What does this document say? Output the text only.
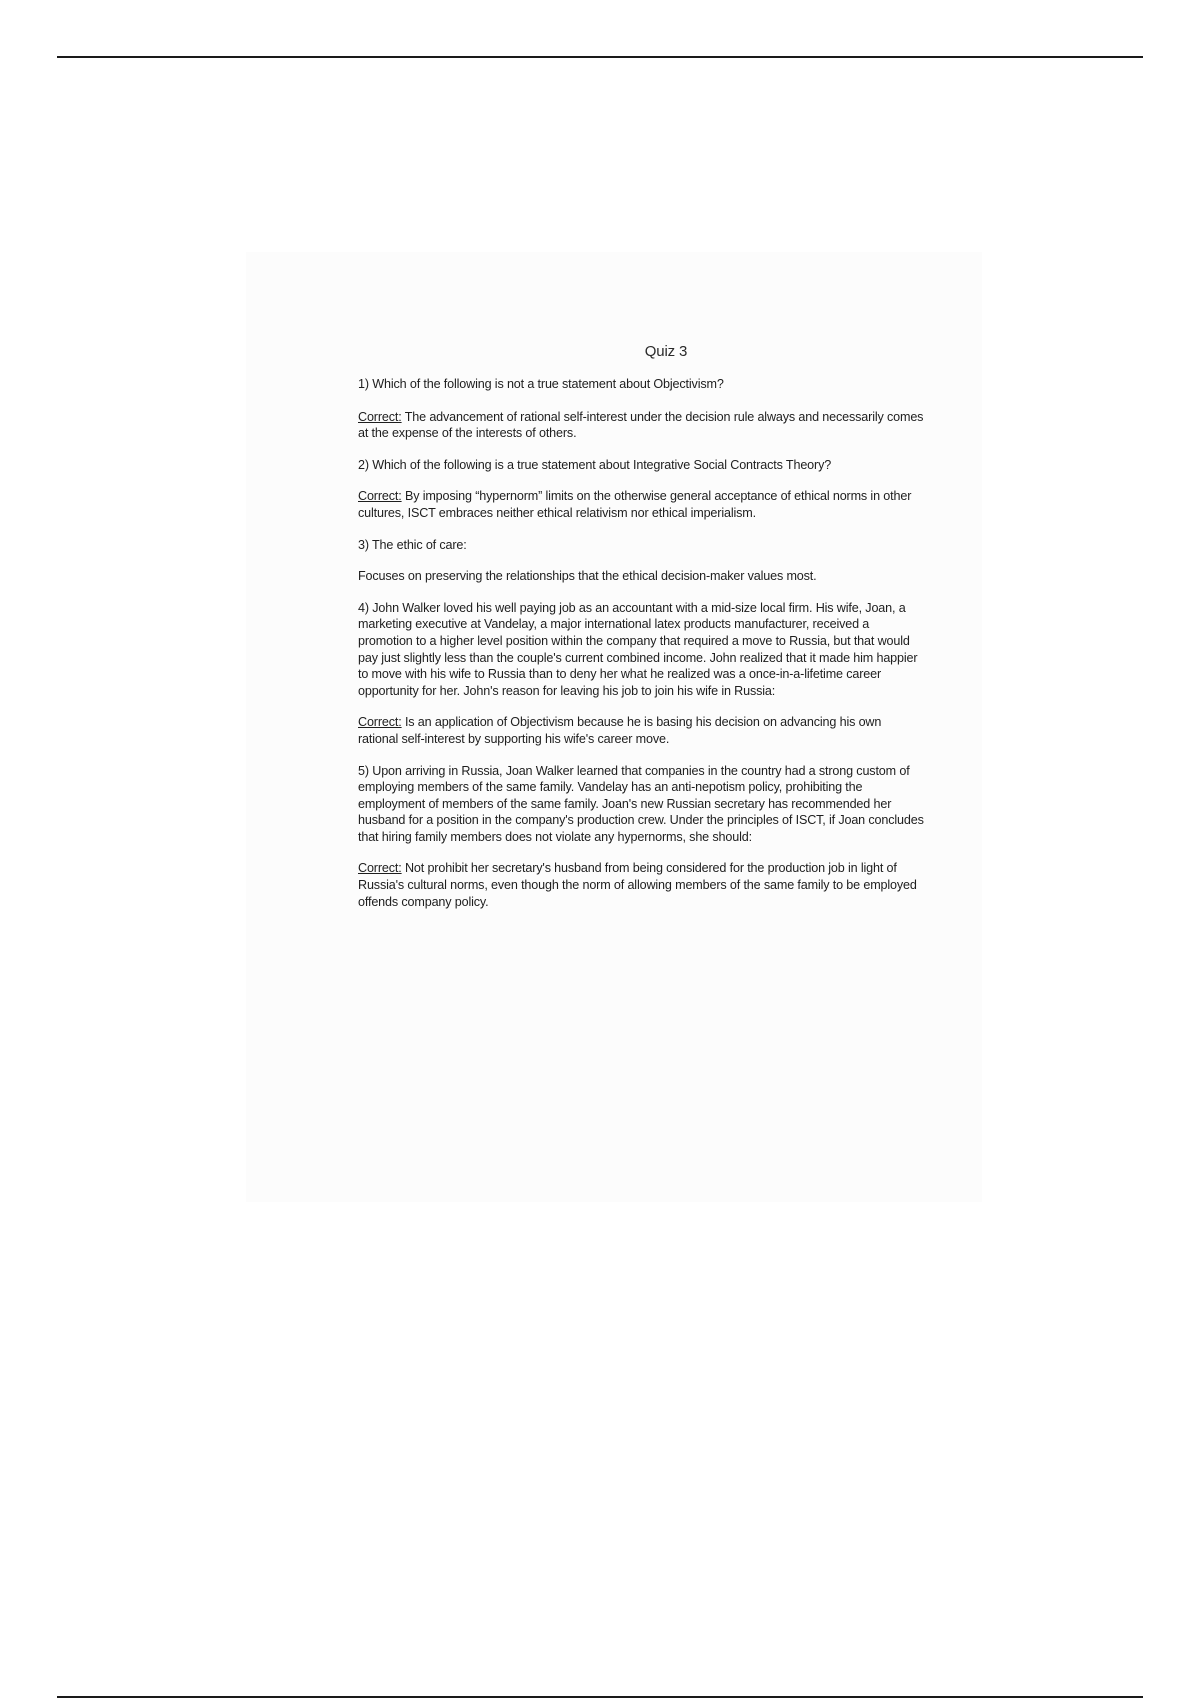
Quiz 3

1) Which of the following is not a true statement about Objectivism?

Correct: The advancement of rational self-interest under the decision rule always and necessarily comes at the expense of the interests of others.

2) Which of the following is a true statement about Integrative Social Contracts Theory?

Correct: By imposing “hypernorm” limits on the otherwise general acceptance of ethical norms in other cultures, ISCT embraces neither ethical relativism nor ethical imperialism.

3) The ethic of care:

Focuses on preserving the relationships that the ethical decision-maker values most.

4) John Walker loved his well paying job as an accountant with a mid-size local firm. His wife, Joan, a marketing executive at Vandelay, a major international latex products manufacturer, received a promotion to a higher level position within the company that required a move to Russia, but that would pay just slightly less than the couple's current combined income. John realized that it made him happier to move with his wife to Russia than to deny her what he realized was a once-in-a-lifetime career opportunity for her. John's reason for leaving his job to join his wife in Russia:

Correct: Is an application of Objectivism because he is basing his decision on advancing his own rational self-interest by supporting his wife's career move.

5) Upon arriving in Russia, Joan Walker learned that companies in the country had a strong custom of employing members of the same family. Vandelay has an anti-nepotism policy, prohibiting the employment of members of the same family. Joan's new Russian secretary has recommended her husband for a position in the company's production crew. Under the principles of ISCT, if Joan concludes that hiring family members does not violate any hypernorms, she should:

Correct: Not prohibit her secretary's husband from being considered for the production job in light of Russia's cultural norms, even though the norm of allowing members of the same family to be employed offends company policy.
